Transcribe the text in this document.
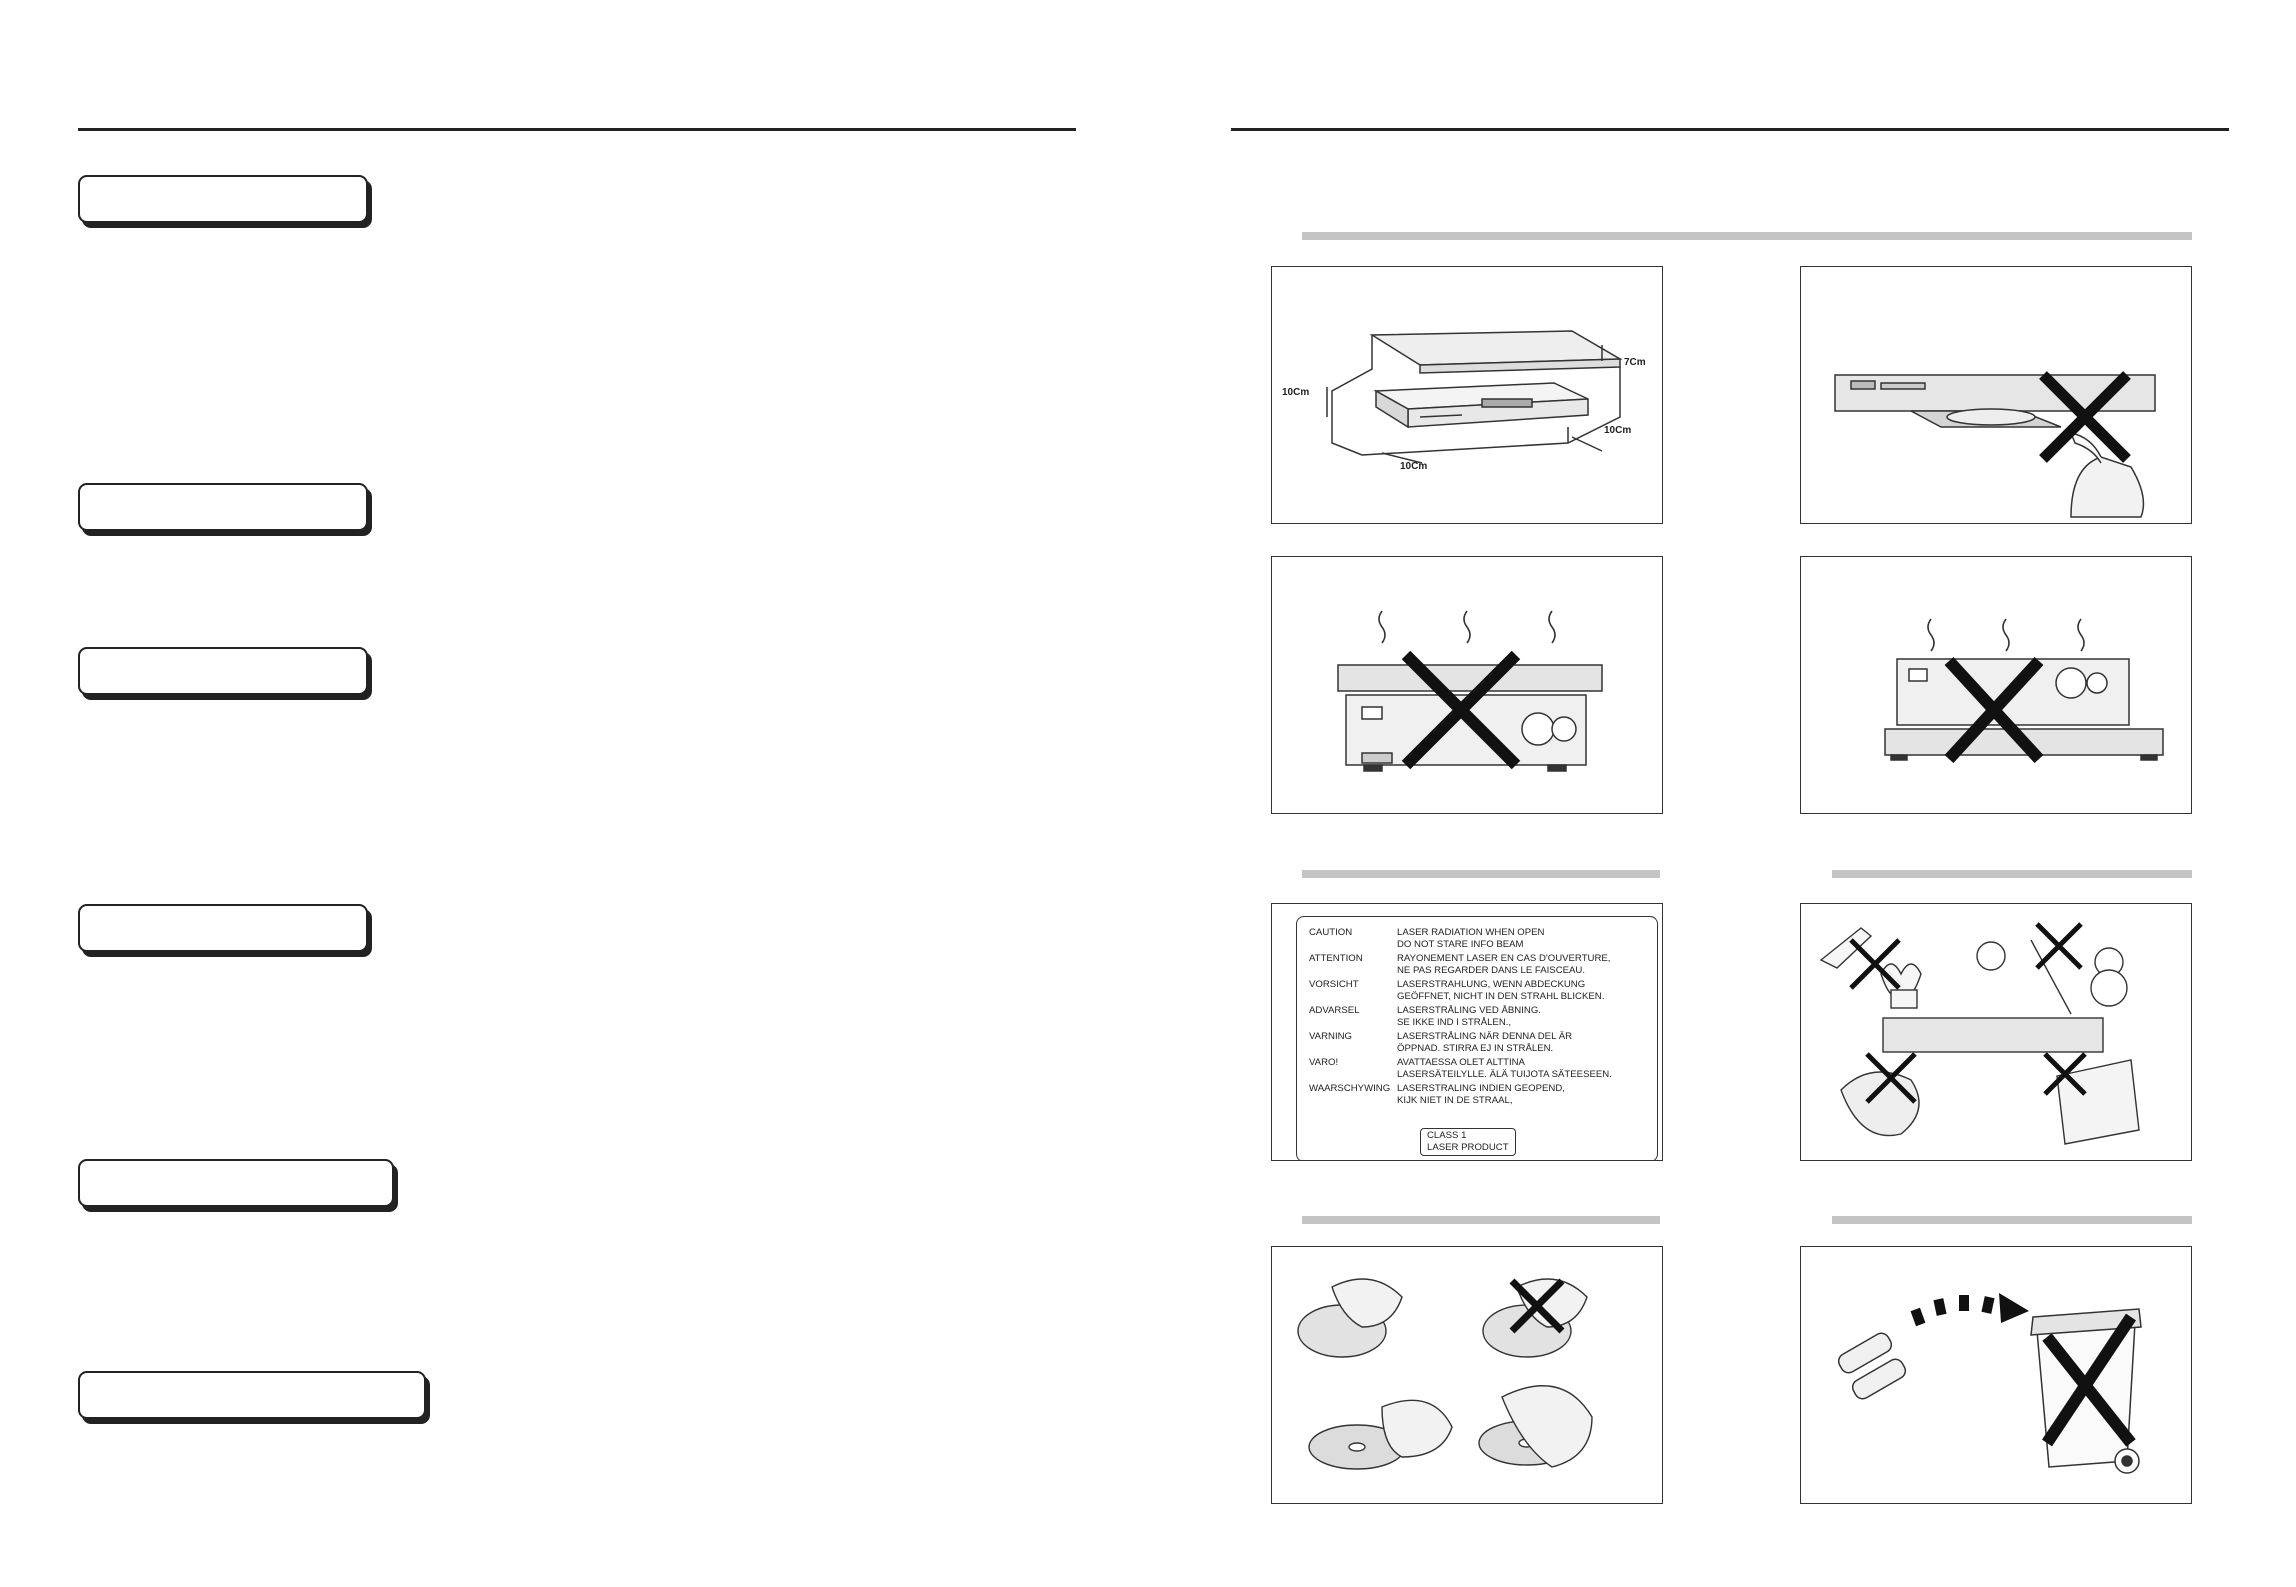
7Cm
10Cm
10Cm
10Cm
CAUTION	LASER RADIATION WHEN OPEN
DO NOT STARE INFO BEAM
ATTENTION	RAYONEMENT LASER EN CAS D'OUVERTURE,
NE PAS REGARDER DANS LE FAISCEAU.
VORSICHT	LASERSTRAHLUNG, WENN ABDECKUNG
GEÖFFNET, NICHT IN DEN STRAHL BLICKEN.
ADVARSEL	LASERSTRÅLING VED ÅBNING.
SE IKKE IND I STRÅLEN.,
VARNING	LASERSTRÅLING NÄR DENNA DEL ÄR
ÖPPNAD. STIRRA EJ IN STRÅLEN.
VARO!	AVATTAESSA OLET ALTTINA
LASERSÄTEILYLLE. ÄLÄ TUIJOTA SÄTEESEEN.
WAARSCHYWING LASERSTRALING INDIEN GEOPEND,
KIJK NIET IN DE STRAAL,
CLASS 1
LASER PRODUCT
